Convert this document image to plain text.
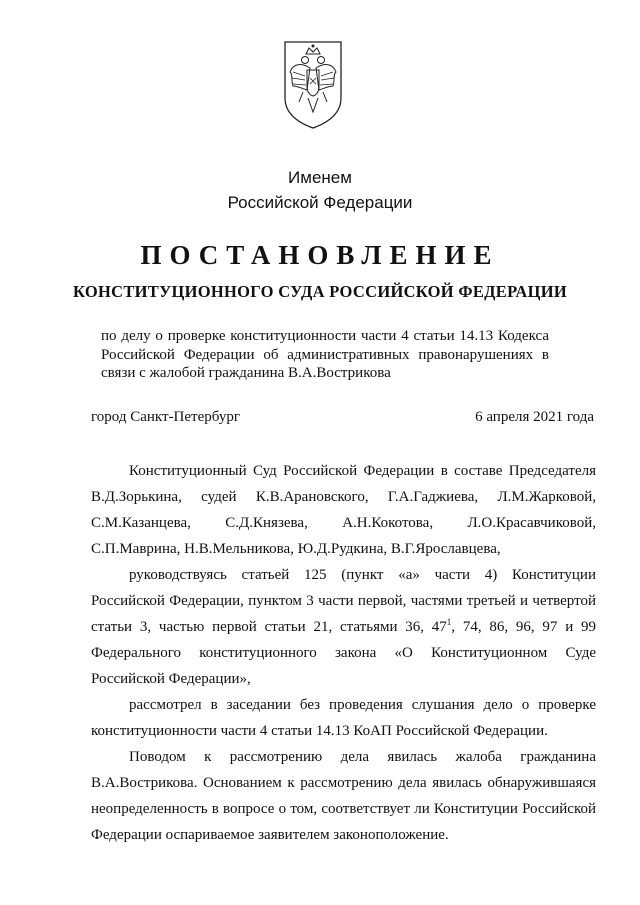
Именем

Российской Федерации

ПОСТАНОВЛЕНИЕ

КОНСТИТУЦИОННОГО СУДА РОССИЙСКОЙ ФЕДЕРАЦИИ

по делу о проверке конституционности части 4 статьи 14.13 Кодекса Российской Федерации об административных правонарушениях в связи с жалобой гражданина В.А.Вострикова

город Санкт-Петербург	6 апреля 2021 года

Конституционный Суд Российской Федерации в составе Председателя В.Д.Зорькина, судей К.В.Арановского, Г.А.Гаджиева, Л.М.Жарковой, С.М.Казанцева, С.Д.Князева, А.Н.Кокотова, Л.О.Красавчиковой, С.П.Маврина, Н.В.Мельникова, Ю.Д.Рудкина, В.Г.Ярославцева,

руководствуясь статьей 125 (пункт «а» части 4) Конституции Российской Федерации, пунктом 3 части первой, частями третьей и четвертой статьи 3, частью первой статьи 21, статьями 36, $47^1$, 74, 86, 96, 97 и 99 Федерального конституционного закона «О Конституционном Суде Российской Федерации»,

рассмотрел в заседании без проведения слушания дело о проверке конституционности части 4 статьи 14.13 КоАП Российской Федерации.

Поводом к рассмотрению дела явилась жалоба гражданина В.А.Вострикова. Основанием к рассмотрению дела явилась обнаружившаяся неопределенность в вопросе о том, соответствует ли Конституции Российской Федерации оспариваемое заявителем законоположение.
